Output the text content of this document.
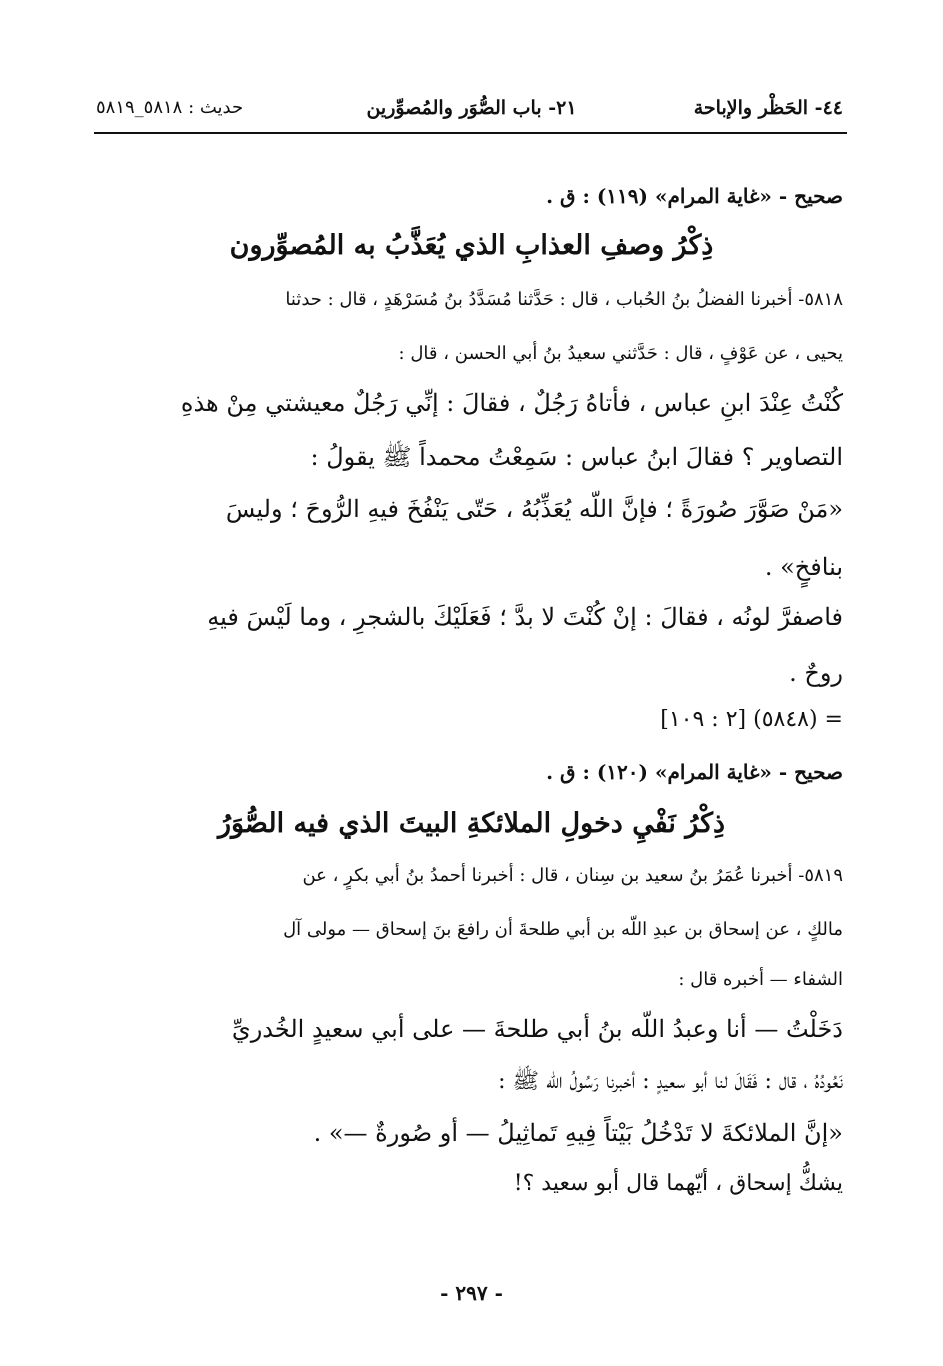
٤٤- الحَظْر والإباحة
٢١- باب الصُّوَر والمُصوِّرين
حديث : ٥٨١٨_٥٨١٩
صحيح - «غاية المرام» (١١٩) : ق .
ذِكْرُ وصفِ العذابِ الذي يُعَذَّبُ به المُصوِّرون
٥٨١٨- أخبرنا الفضلُ بنُ الحُباب ، قال : حَدَّثنا مُسَدَّدُ بنُ مُسَرْهَدٍ ، قال : حدثنا
يحيى ، عن عَوْفٍ ، قال : حَدَّثني سعيدُ بنُ أبي الحسن ، قال :
كُنْتُ عِنْدَ ابنِ عباس ، فأتاهُ رَجُلٌ ، فقالَ : إنِّي رَجُلٌ معيشتي مِنْ هذهِ
التصاوير ؟ فقالَ ابنُ عباس : سَمِعْتُ محمداً ﷺ يقولُ :
«مَنْ صَوَّرَ صُورَةً ؛ فإنَّ اللّه يُعَذِّبُهُ ، حَتّى يَنْفُخَ فيهِ الرُّوحَ ؛ وليسَ
بنافخٍ» .
فاصفرَّ لونُه ، فقالَ : إنْ كُنْتَ لا بدَّ ؛ فَعَلَيْكَ بالشجرِ ، وما لَيْسَ فيهِ
روحٌ .
= (٥٨٤٨) [٢ : ١٠٩]
صحيح - «غاية المرام» (١٢٠) : ق .
ذِكْرُ نَفْيِ دخولِ الملائكةِ البيتَ الذي فيه الصُّوَرُ
٥٨١٩- أخبرنا عُمَرُ بنُ سعيد بن سِنان ، قال : أخبرنا أحمدُ بنُ أبي بكرٍ ، عن
مالكٍ ، عن إسحاق بن عبدِ اللّه بن أبي طلحةَ أن رافعَ بنَ إسحاق — مولى آل
الشفاء — أخبره قال :
دَخَلْتُ — أنا وعبدُ اللّه بنُ أبي طلحةَ — على أبي سعيدٍ الخُدريِّ
نَعُودُهُ ، قال : فَقَالَ لنا أبو سعيدٍ : أخبرنا رَسُولُ اللّه ﷺ :
«إنَّ الملائكةَ لا تَدْخُلُ بَيْتاً فِيهِ تَماثِيلُ — أو صُورةٌ —» .
يشكُّ إسحاق ، أيّهما قال أبو سعيد ؟!
- ٢٩٧ -
